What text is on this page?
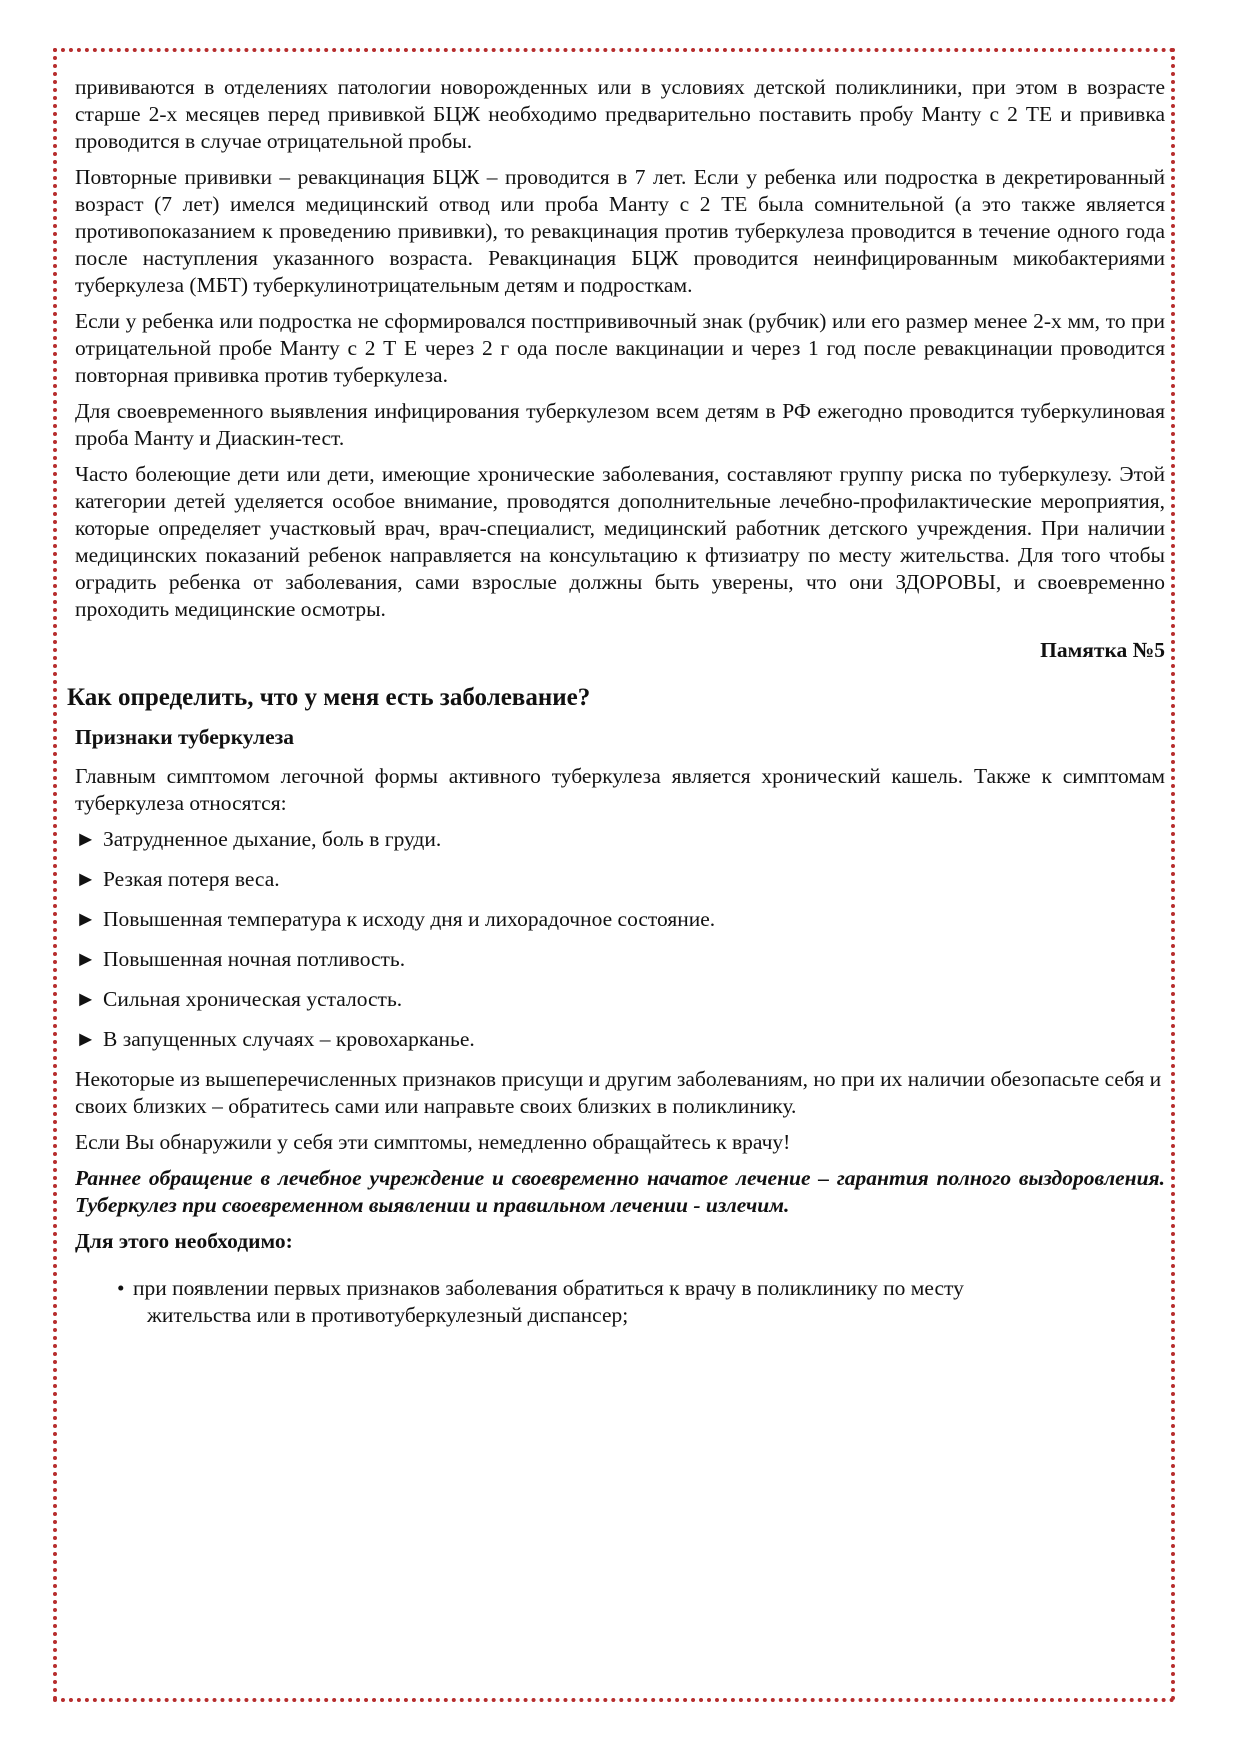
прививаются в отделениях патологии новорожденных или в условиях детской поликлиники, при этом в возрасте старше 2-х месяцев перед прививкой БЦЖ необходимо предварительно поставить пробу Манту с 2 ТЕ и прививка проводится в случае отрицательной пробы.

Повторные прививки – ревакцинация БЦЖ – проводится в 7 лет. Если у ребенка или подростка в декретированный возраст (7 лет) имелся медицинский отвод или проба Манту с 2 ТЕ была сомнительной (а это также является противопоказанием к проведению прививки), то ревакцинация против туберкулеза проводится в течение одного года после наступления указанного возраста. Ревакцинация БЦЖ проводится неинфицированным микобактериями туберкулеза (МБТ) туберкулинотрицательным детям и подросткам.

Если у ребенка или подростка не сформировался постпрививочный знак (рубчик) или его размер менее 2-х мм, то при отрицательной пробе Манту с 2 Т Е через 2 г ода после вакцинации и через 1 год после ревакцинации проводится повторная прививка против туберкулеза.

Для своевременного выявления инфицирования туберкулезом всем детям в РФ ежегодно проводится туберкулиновая проба Манту и Диаскин-тест.

Часто болеющие дети или дети, имеющие хронические заболевания, составляют группу риска по туберкулезу. Этой категории детей уделяется особое внимание, проводятся дополнительные лечебно-профилактические мероприятия, которые определяет участковый врач, врач-специалист, медицинский работник детского учреждения. При наличии медицинских показаний ребенок направляется на консультацию к фтизиатру по месту жительства. Для того чтобы оградить ребенка от заболевания, сами взрослые должны быть уверены, что они ЗДОРОВЫ, и своевременно проходить медицинские осмотры.

Памятка №5

Как определить, что у меня есть заболевание?

Признаки туберкулеза

Главным симптомом легочной формы активного туберкулеза является хронический кашель. Также к симптомам туберкулеза относятся:

► Затрудненное дыхание, боль в груди.

► Резкая потеря веса.

► Повышенная температура к исходу дня и лихорадочное состояние.

► Повышенная ночная потливость.

► Сильная хроническая усталость.

► В запущенных случаях – кровохарканье.

Некоторые из вышеперечисленных признаков присущи и другим заболеваниям, но при их наличии обезопасьте себя и своих близких – обратитесь сами или направьте своих близких в поликлинику.

Если Вы обнаружили у себя эти симптомы, немедленно обращайтесь к врачу!

Раннее обращение в лечебное учреждение и своевременно начатое лечение – гарантия полного выздоровления. Туберкулез при своевременном выявлении и правильном лечении - излечим.

Для этого необходимо:

• при появлении первых признаков заболевания обратиться к врачу в поликлинику по месту
жительства или в противотуберкулезный диспансер;
